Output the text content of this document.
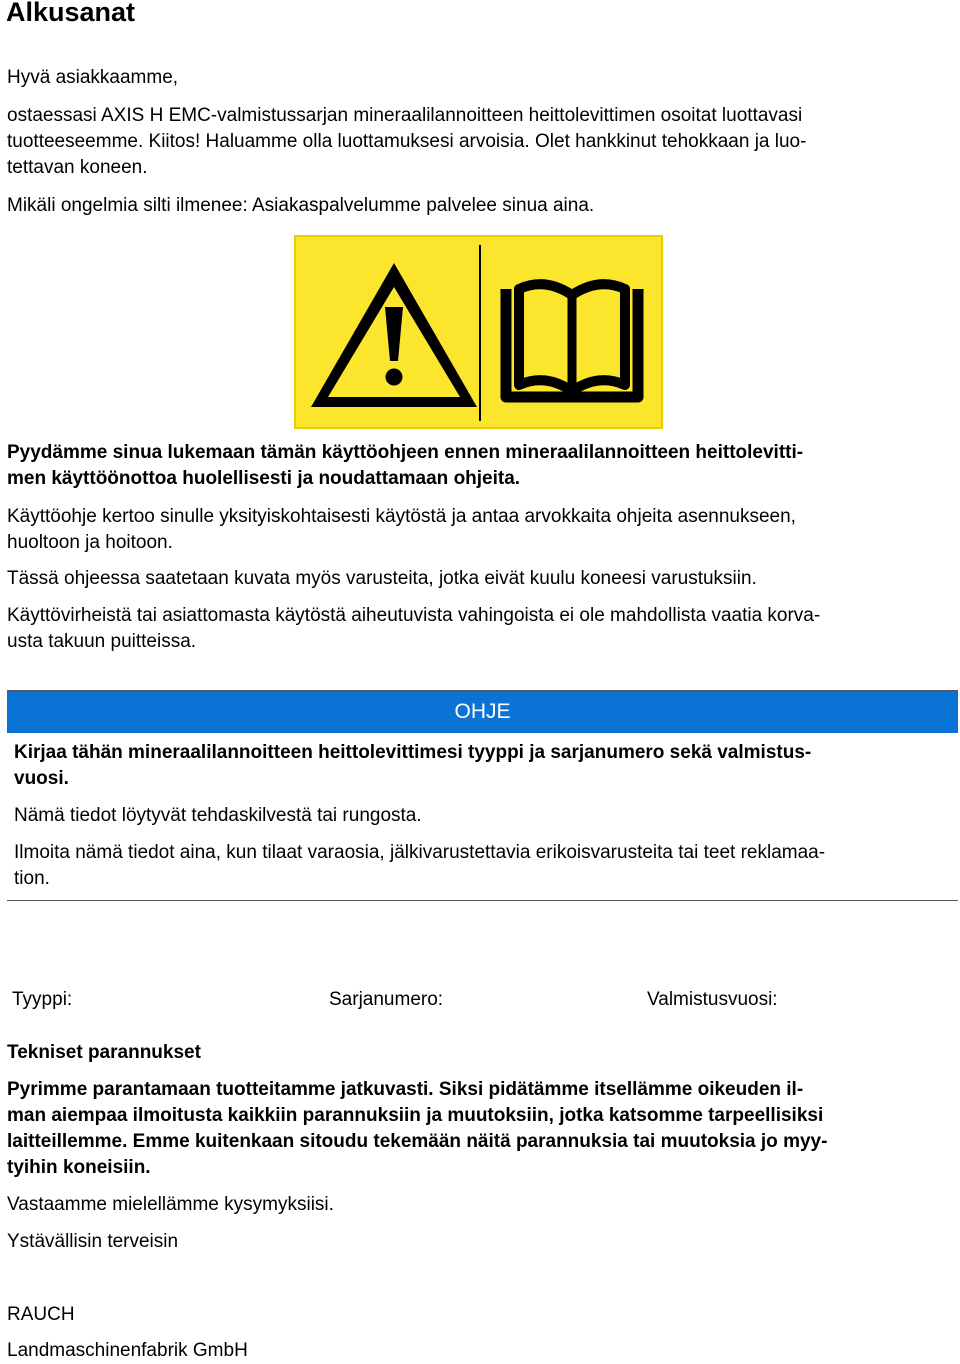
Alkusanat
Hyvä asiakkaamme,
ostaessasi AXIS H EMC-valmistussarjan mineraalilannoitteen heittolevittimen osoitat luottavasi
tuotteeseemme. Kiitos! Haluamme olla luottamuksesi arvoisia. Olet hankkinut tehokkaan ja luo-
tettavan koneen.
Mikäli ongelmia silti ilmenee: Asiakaspalvelumme palvelee sinua aina.
Pyydämme sinua lukemaan tämän käyttöohjeen ennen mineraalilannoitteen heittolevitti-
men käyttöönottoa huolellisesti ja noudattamaan ohjeita.
Käyttöohje kertoo sinulle yksityiskohtaisesti käytöstä ja antaa arvokkaita ohjeita asennukseen,
huoltoon ja hoitoon.
Tässä ohjeessa saatetaan kuvata myös varusteita, jotka eivät kuulu koneesi varustuksiin.
Käyttövirheistä tai asiattomasta käytöstä aiheutuvista vahingoista ei ole mahdollista vaatia korva-
usta takuun puitteissa.
OHJE
Kirjaa tähän mineraalilannoitteen heittolevittimesi tyyppi ja sarjanumero sekä valmistus-
vuosi.
Nämä tiedot löytyvät tehdaskilvestä tai rungosta.
Ilmoita nämä tiedot aina, kun tilaat varaosia, jälkivarustettavia erikoisvarusteita tai teet reklamaa-
tion.
Tyyppi:	Sarjanumero:	Valmistusvuosi:
Tekniset parannukset
Pyrimme parantamaan tuotteitamme jatkuvasti. Siksi pidätämme itsellämme oikeuden il-
man aiempaa ilmoitusta kaikkiin parannuksiin ja muutoksiin, jotka katsomme tarpeellisiksi
laitteillemme. Emme kuitenkaan sitoudu tekemään näitä parannuksia tai muutoksia jo myy-
tyihin koneisiin.
Vastaamme mielellämme kysymyksiisi.
Ystävällisin terveisin
RAUCH
Landmaschinenfabrik GmbH
